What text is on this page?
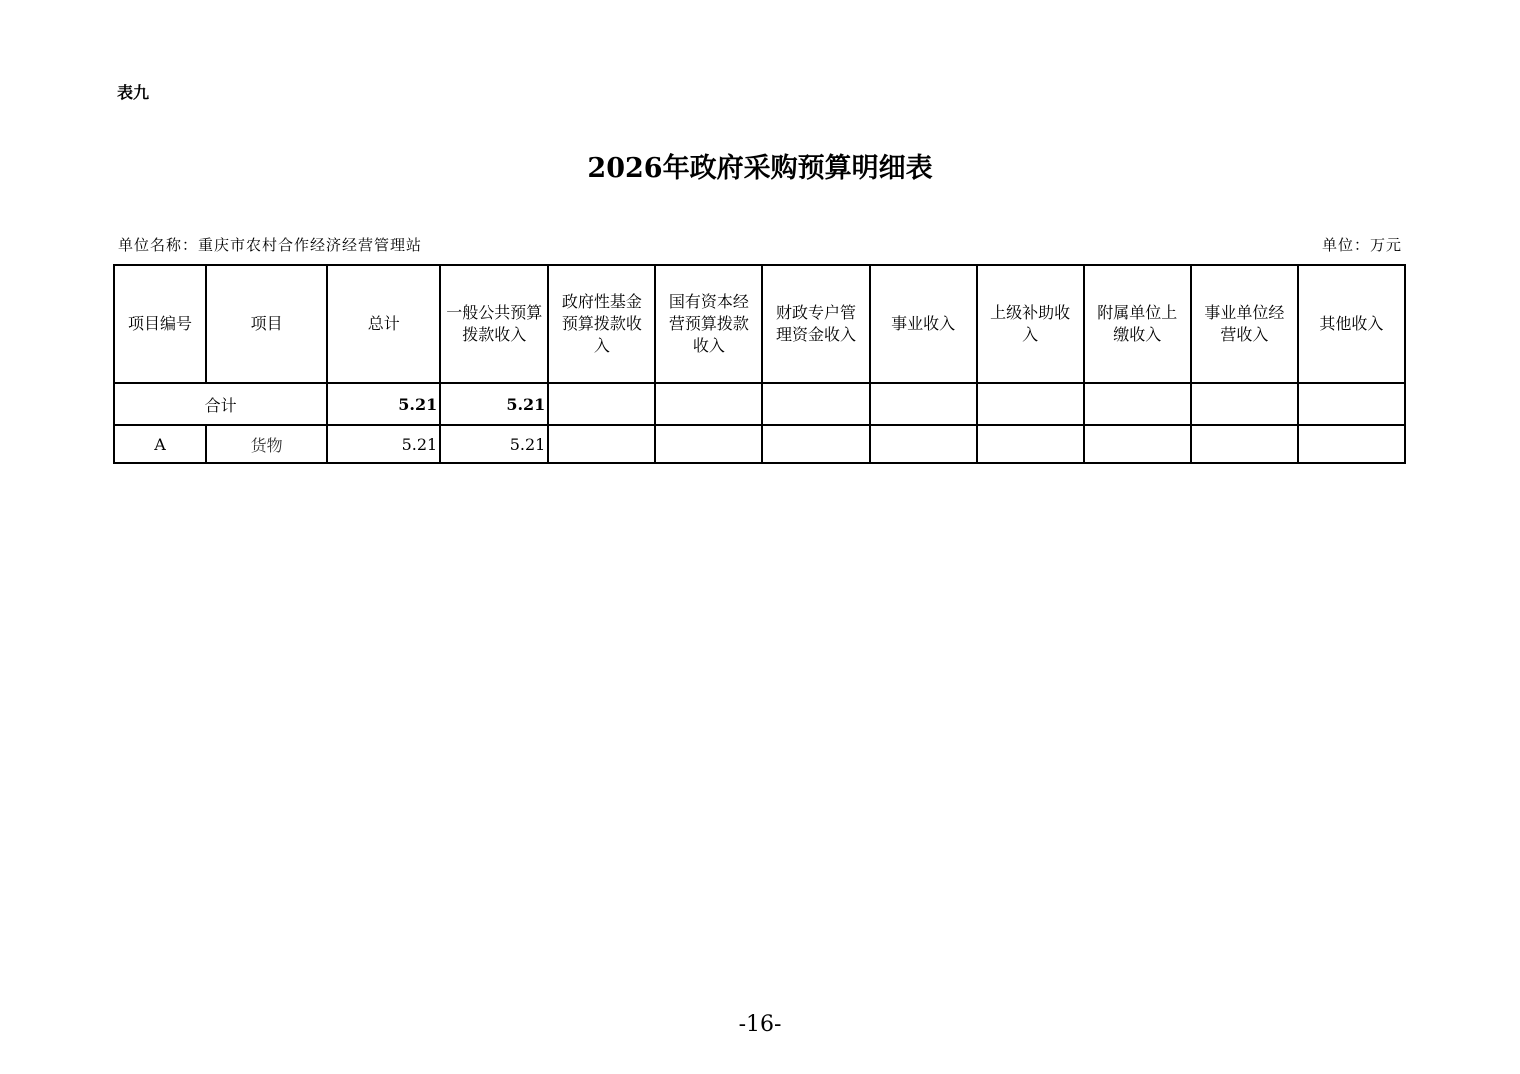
表九
2026年政府采购预算明细表
单位名称：重庆市农村合作经济经营管理站	单位：万元
项目编号	项目	总计	一般公共预算拨款收入	政府性基金预算拨款收入	国有资本经营预算拨款收入	财政专户管理资金收入	事业收入	上级补助收入	附属单位上缴收入	事业单位经营收入	其他收入
合计		5.21	5.21								
A	货物	5.21	5.21								
-16-
